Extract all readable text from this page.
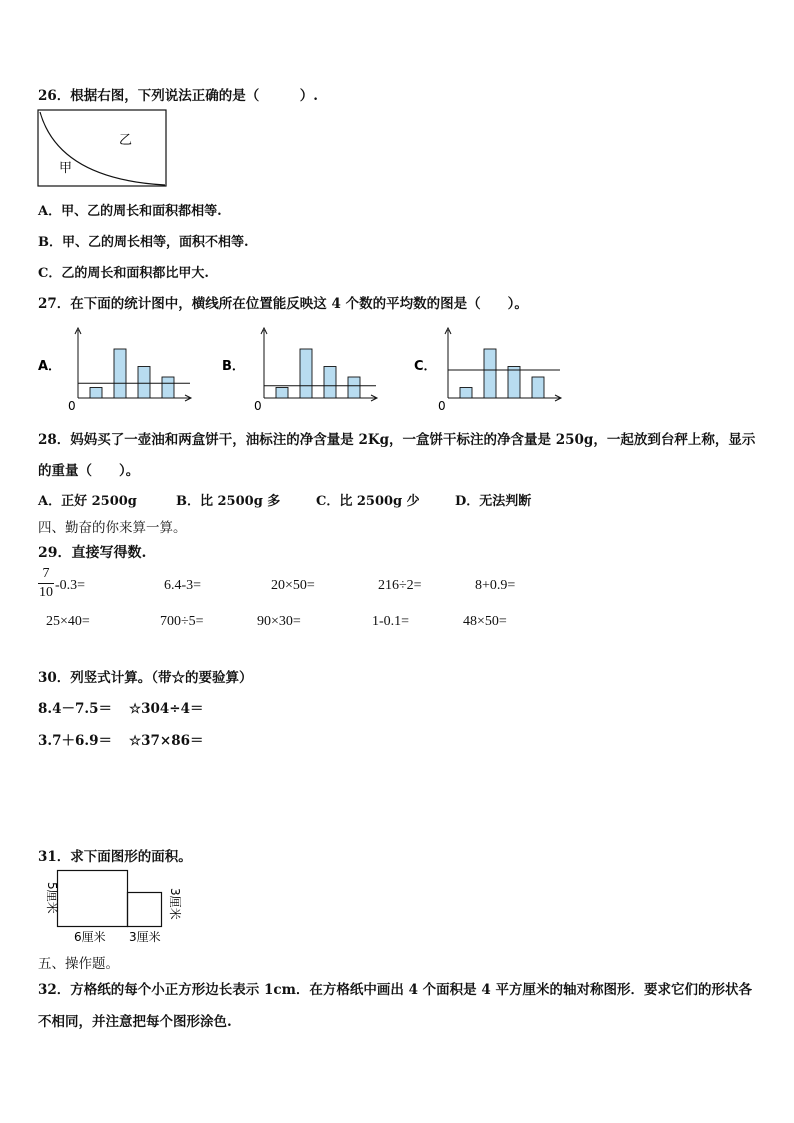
26．根据右图，下列说法正确的是（　　　）.
乙
甲
A．甲、乙的周长和面积都相等.
B．甲、乙的周长相等，面积不相等.
C．乙的周长和面积都比甲大.
27．在下面的统计图中，横线所在位置能反映这 4 个数的平均数的图是（　　）。
A．
0
B．
0
C．
0
28．妈妈买了一壶油和两盒饼干，油标注的净含量是 2Kg，一盒饼干标注的净含量是 250g，一起放到台秤上称，显示
的重量（　　）。
A．正好 2500g	B．比 2500g 多	C．比 2500g 少	D．无法判断
四、勤奋的你来算一算。
29．直接写得数.
7
10 -0.3=	6.4-3=	20×50=	216÷2=	8+0.9=
25×40=	700÷5=	90×30=	1-0.1=	48×50=
30．列竖式计算。（带☆的要验算）
8.4－7.5＝ ☆304÷4＝
3.7＋6.9＝ ☆37×86＝
31．求下面图形的面积。
5厘米	3厘米
6厘米 3厘米
五、操作题。
32．方格纸的每个小正方形边长表示 1cm．在方格纸中画出 4 个面积是 4 平方厘米的轴对称图形．要求它们的形状各
不相同，并注意把每个图形涂色.
